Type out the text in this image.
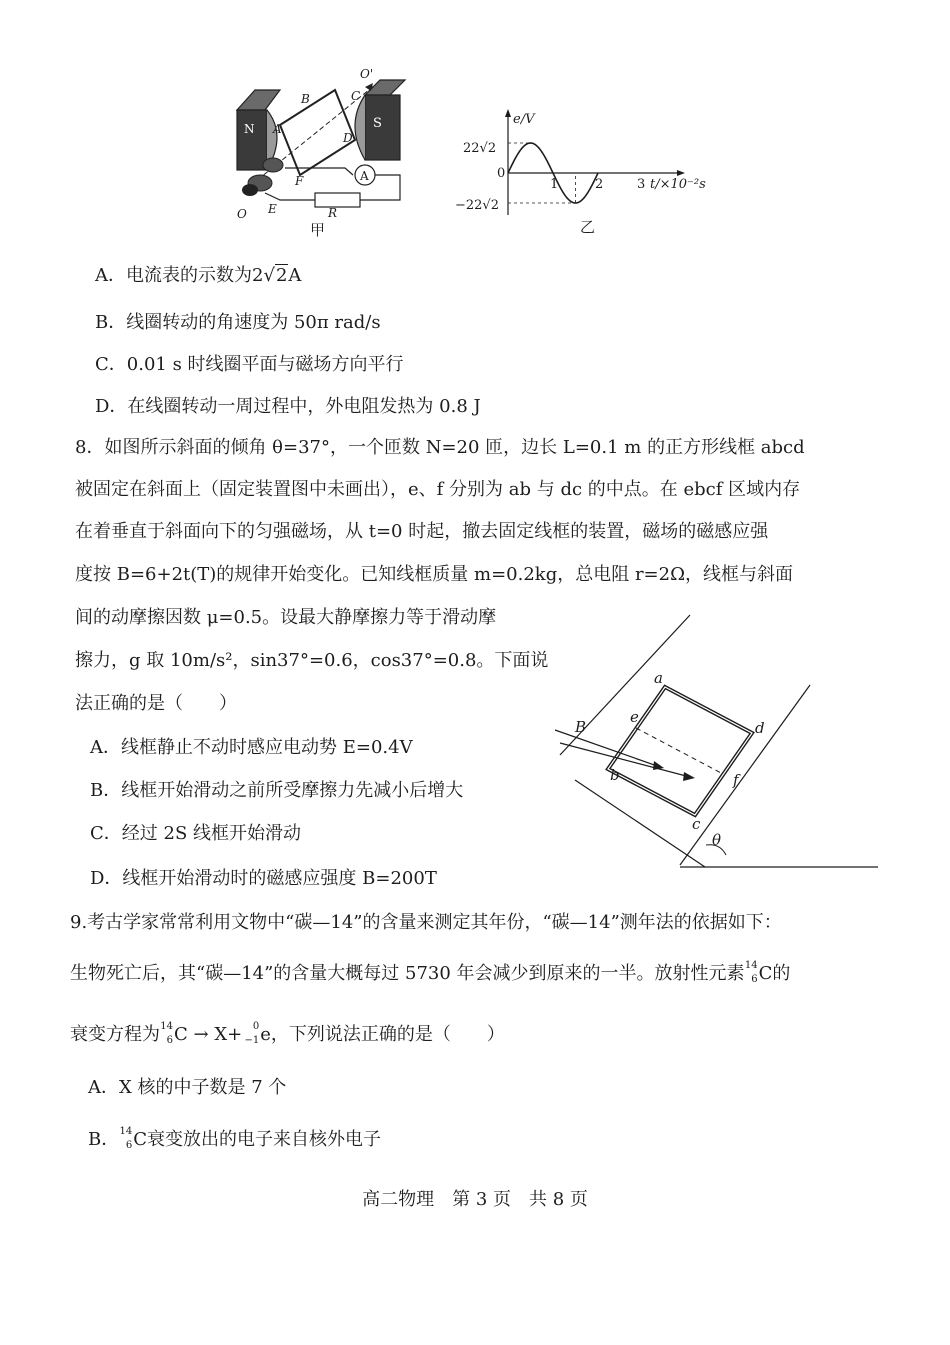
N	S
A
B	C
D
O'
F
E
O	R
A
甲
e/V
t/×10⁻²s
22√2
−22√2
0
1	2	3
乙
A．电流表的示数为2√2A
B．线圈转动的角速度为 50π rad/s
C．0.01 s 时线圈平面与磁场方向平行
D．在线圈转动一周过程中，外电阻发热为 0.8 J
8．如图所示斜面的倾角 θ=37°，一个匝数 N=20 匝，边长 L=0.1 m 的正方形线框 abcd
被固定在斜面上（固定装置图中未画出），e、f 分别为 ab 与 dc 的中点。在 ebcf 区域内存
在着垂直于斜面向下的匀强磁场，从 t=0 时起，撤去固定线框的装置，磁场的磁感应强
度按 B=6+2t(T)的规律开始变化。已知线框质量 m=0.2kg，总电阻 r=2Ω，线框与斜面
间的动摩擦因数 μ=0.5。设最大静摩擦力等于滑动摩
擦力，g 取 10m/s²，sin37°=0.6，cos37°=0.8。下面说
法正确的是（　　）
A．线框静止不动时感应电动势 E=0.4V
B．线框开始滑动之前所受摩擦力先减小后增大
C．经过 2S 线框开始滑动
D．线框开始滑动时的磁感应强度 B=200T
a
b
c
d
e
f
B
θ
9.考古学家常常利用文物中“碳—14”的含量来测定其年份，“碳—14”测年法的依据如下：
生物死亡后，其“碳—14”的含量大概每过 5730 年会减少到原来的一半。放射性元素 14
6 C的
衰变方程为 14
6 C → X+ 0
−1 e，下列说法正确的是（　　）
A．X 核的中子数是 7 个
B． 14
6 C衰变放出的电子来自核外电子
高二物理　第 3 页　共 8 页
